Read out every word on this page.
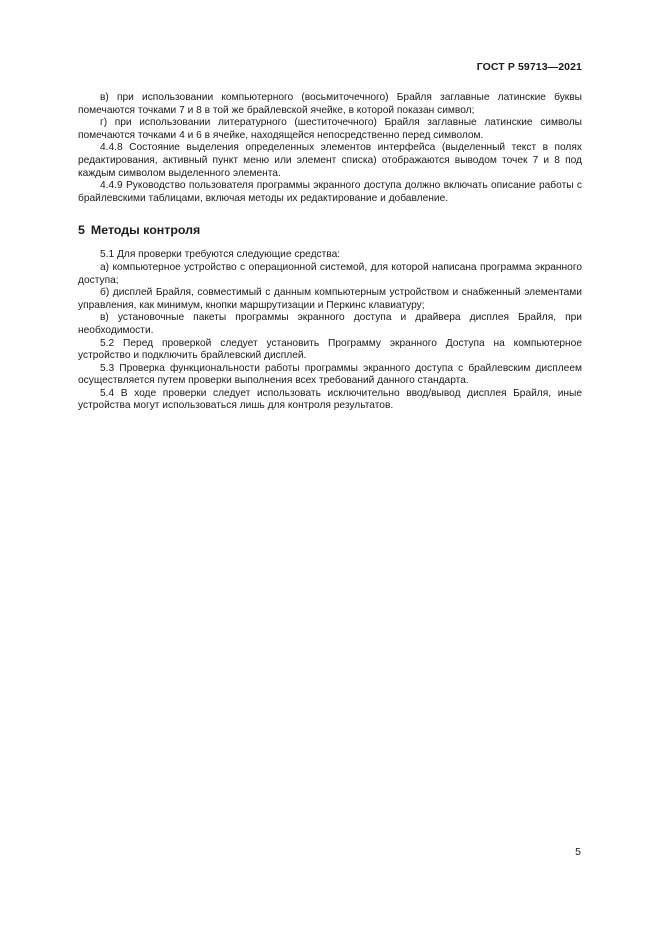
ГОСТ Р 59713—2021

в) при использовании компьютерного (восьмиточечного) Брайля заглавные латинские буквы помечаются точками 7 и 8 в той же брайлевской ячейке, в которой показан символ;

г) при использовании литературного (шеститочечного) Брайля заглавные латинские символы помечаются точками 4 и 6 в ячейке, находящейся непосредственно перед символом.

4.4.8 Состояние выделения определенных элементов интерфейса (выделенный текст в полях редактирования, активный пункт меню или элемент списка) отображаются выводом точек 7 и 8 под каждым символом выделенного элемента.

4.4.9 Руководство пользователя программы экранного доступа должно включать описание работы с брайлевскими таблицами, включая методы их редактирование и добавление.

5 Методы контроля

5.1 Для проверки требуются следующие средства:

а) компьютерное устройство с операционной системой, для которой написана программа экранного доступа;

б) дисплей Брайля, совместимый с данным компьютерным устройством и снабженный элементами управления, как минимум, кнопки маршрутизации и Перкинс клавиатуру;

в) установочные пакеты программы экранного доступа и драйвера дисплея Брайля, при необходимости.

5.2 Перед проверкой следует установить Программу экранного Доступа на компьютерное устройство и подключить брайлевский дисплей.

5.3 Проверка функциональности работы программы экранного доступа с брайлевским дисплеем осуществляется путем проверки выполнения всех требований данного стандарта.

5.4 В ходе проверки следует использовать исключительно ввод/вывод дисплея Брайля, иные устройства могут использоваться лишь для контроля результатов.

5
